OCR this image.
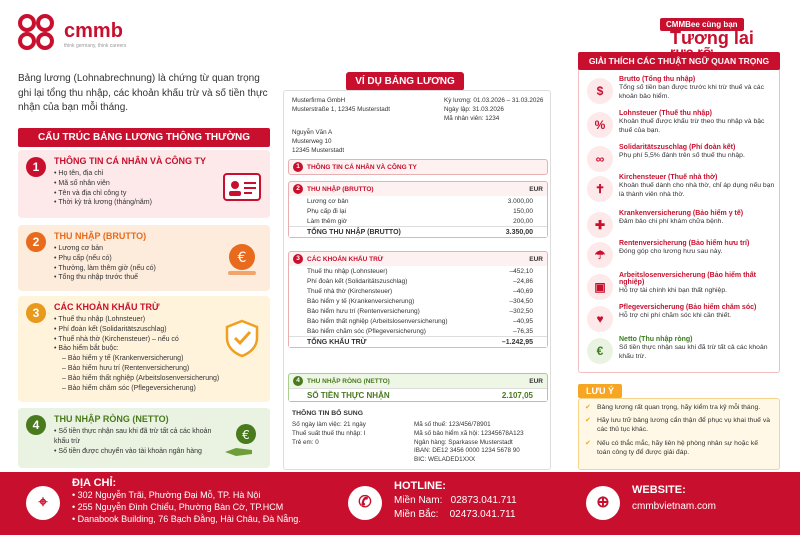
cmmb
think germany, think careers

Bảng lương (Lohnabrechnung) là chứng từ quan trọng ghi lại tổng thu nhập, các khoản khấu trừ và số tiền thực nhận của bạn mỗi tháng.

CẤU TRÚC BẢNG LƯƠNG THÔNG THƯỜNG
1	THÔNG TIN CÁ NHÂN VÀ CÔNG TY
• Họ tên, địa chỉ
• Mã số nhân viên
• Tên và địa chỉ công ty
• Thời kỳ trả lương (tháng/năm)
2	THU NHẬP (BRUTTO)
• Lương cơ bản
• Phụ cấp (nếu có)
• Thưởng, làm thêm giờ (nếu có)
• Tổng thu nhập trước thuế
€
3	CÁC KHOẢN KHẤU TRỪ
• Thuế thu nhập (Lohnsteuer)
• Phí đoàn kết (Solidaritätszuschlag)
• Thuế nhà thờ (Kirchensteuer) – nếu có
• Bảo hiểm bắt buộc:
– Bảo hiểm y tế (Krankenversicherung)
– Bảo hiểm hưu trí (Rentenversicherung)
– Bảo hiểm thất nghiệp (Arbeitslosenversicherung)
– Bảo hiểm chăm sóc (Pflegeversicherung)
4	THU NHẬP RÒNG (NETTO)
• Số tiền thực nhận sau khi đã trừ tất cả các khoản khấu trừ
• Số tiền được chuyển vào tài khoản ngân hàng
€
VÍ DỤ BẢNG LƯƠNG
Musterfirma GmbH
Musterstraße 1, 12345 Musterstadt
Kỳ lương: 01.03.2026 – 31.03.2026
Ngày lập: 31.03.2026
Mã nhân viên: 1234
Nguyễn Văn A
Musterweg 10
12345 Musterstadt
1	THÔNG TIN CÁ NHÂN VÀ CÔNG TY
2	THU NHẬP (BRUTTO)	EUR
Lương cơ bản	3.000,00
Phụ cấp đi lại	150,00
Làm thêm giờ	200,00
TỔNG THU NHẬP (BRUTTO)	3.350,00
3	CÁC KHOẢN KHẤU TRỪ	EUR
Thuế thu nhập (Lohnsteuer)	–452,10
Phí đoàn kết (Solidaritätszuschlag)	–24,86
Thuế nhà thờ (Kirchensteuer)	–40,69
Bảo hiểm y tế (Krankenversicherung)	–304,50
Bảo hiểm hưu trí (Rentenversicherung)	–302,50
Bảo hiểm thất nghiệp (Arbeitslosenversicherung)	–40,95
Bảo hiểm chăm sóc (Pflegeversicherung)	–76,35
TỔNG KHẤU TRỪ	–1.242,95
4	THU NHẬP RÒNG (NETTO)	EUR
SỐ TIỀN THỰC NHẬN	2.107,05
THÔNG TIN BỔ SUNG
Số ngày làm việc: 21 ngày
Thuế suất thuế thu nhập: I
Trẻ em: 0
Mã số thuế: 123/456/78901
Mã số bảo hiểm xã hội: 12345678A123
Ngân hàng: Sparkasse Musterstadt
IBAN: DE12 3456 0000 1234 5678 90
BIC: WELADED1XXX
CMMBee cùng bạn
Tương lai
GIẢI THÍCH CÁC THUẬT NGỮ QUAN TRỌNG
$
Brutto (Tổng thu nhập)
Tổng số tiền bạn được trước khi trừ thuế và các khoản bảo hiểm.
%
Lohnsteuer (Thuế thu nhập)
Khoản thuế được khấu trừ theo thu nhập và bậc thuế của bạn.
∞
Solidaritätszuschlag (Phí đoàn kết)
Phụ phí 5,5% đánh trên số thuế thu nhập.
✝
Kirchensteuer (Thuế nhà thờ)
Khoản thuế dành cho nhà thờ, chỉ áp dụng nếu bạn là thành viên nhà thờ.
✚
Krankenversicherung (Bảo hiểm y tế)
Đảm bảo chi phí khám chữa bệnh.
☂
Rentenversicherung (Bảo hiểm hưu trí)
Đóng góp cho lương hưu sau này.
▣
Arbeitslosenversicherung (Bảo hiểm thất nghiệp)
Hỗ trợ tài chính khi bạn thất nghiệp.
♥
Pflegeversicherung (Bảo hiểm chăm sóc)
Hỗ trợ chi phí chăm sóc khi cần thiết.
€
Netto (Thu nhập ròng)
Số tiền thực nhận sau khi đã trừ tất cả các khoản khấu trừ.
LƯU Ý
✔ Bảng lương rất quan trọng, hãy kiểm tra kỹ mỗi tháng.
✔ Hãy lưu trữ bảng lương cẩn thận để phục vụ khai thuế và các thủ tục khác.
✔ Nếu có thắc mắc, hãy liên hệ phòng nhân sự hoặc kế toán công ty để được giải đáp.
⌖
ĐỊA CHỈ:
• 302 Nguyễn Trãi, Phường Đại Mỗ, TP. Hà Nội
• 255 Nguyễn Đình Chiểu, Phường Bàn Cờ, TP.HCM
• Danabook Building, 76 Bạch Đằng, Hải Châu, Đà Nẵng.
✆
HOTLINE:
Miền Nam:   02873.041.711
Miền Bắc:    02473.041.711
⊕
WEBSITE:
cmmbvietnam.com
